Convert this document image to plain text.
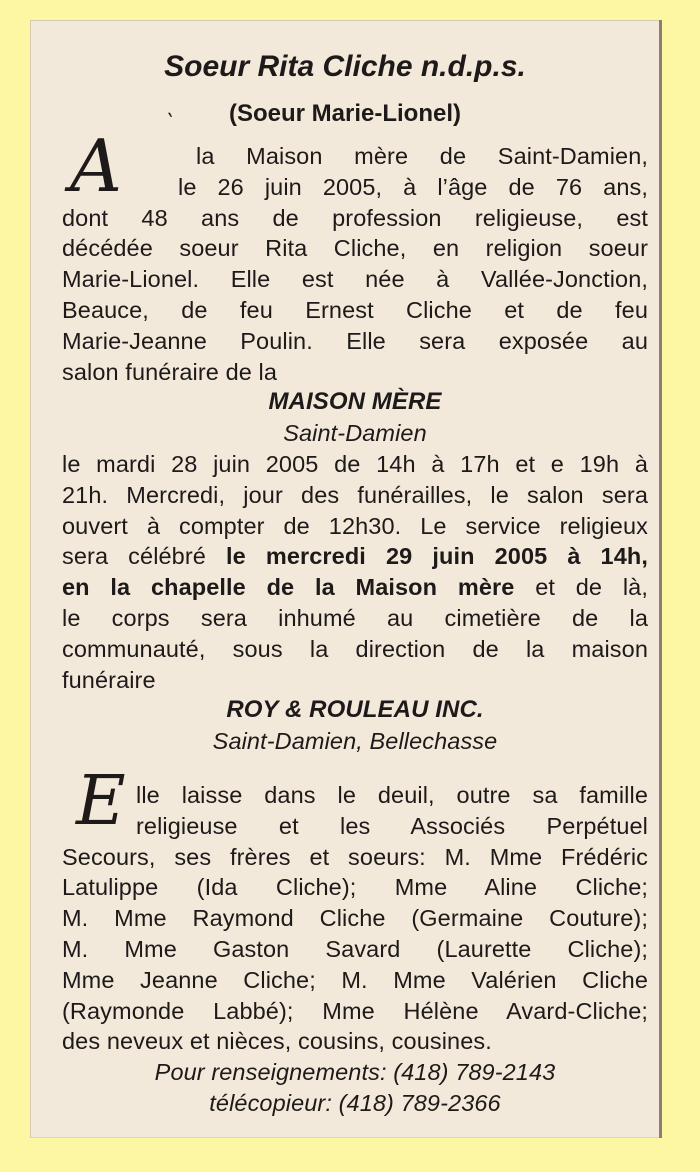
Soeur Rita Cliche n.d.p.s.
(Soeur Marie-Lionel)
A `
la Maison mère de Saint-Damien,
le 26 juin 2005, à l’âge de 76 ans,
dont 48 ans de profession religieuse, est
décédée soeur Rita Cliche, en religion soeur
Marie-Lionel. Elle est née à Vallée-Jonction,
Beauce, de feu Ernest Cliche et de feu
Marie-Jeanne Poulin. Elle sera exposée au
salon funéraire de la
MAISON MÈRE
Saint-Damien
le mardi 28 juin 2005 de 14h à 17h et e 19h à
21h. Mercredi, jour des funérailles, le salon sera
ouvert à compter de 12h30. Le service religieux
sera célébré le mercredi 29 juin 2005 à 14h,
en la chapelle de la Maison mère et de là,
le corps sera inhumé au cimetière de la
communauté, sous la direction de la maison
funéraire
ROY & ROULEAU INC.
Saint-Damien, Bellechasse
E lle laisse dans le deuil, outre sa famille
religieuse et les Associés Perpétuel
Secours, ses frères et soeurs: M. Mme Frédéric
Latulippe (Ida Cliche); Mme Aline Cliche;
M. Mme Raymond Cliche (Germaine Couture);
M. Mme Gaston Savard (Laurette Cliche);
Mme Jeanne Cliche; M. Mme Valérien Cliche
(Raymonde Labbé); Mme Hélène Avard-Cliche;
des neveux et nièces, cousins, cousines.
Pour renseignements: (418) 789-2143
télécopieur: (418) 789-2366
